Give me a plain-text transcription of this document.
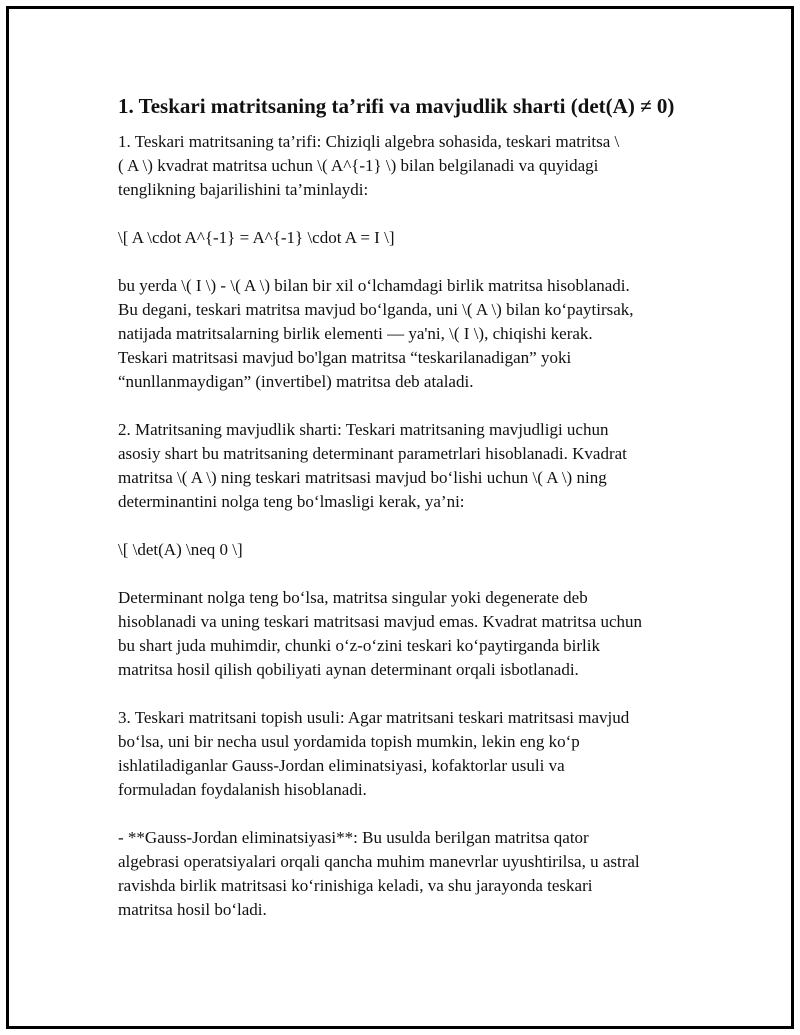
1. Teskari matritsaning ta’rifi va mavjudlik sharti (det(A) ≠ 0)
1. Teskari matritsaning ta’rifi: Chiziqli algebra sohasida, teskari matritsa \
( A \) kvadrat matritsa uchun \( A^{-1} \) bilan belgilanadi va quyidagi
tenglikning bajarilishini ta’minlaydi:
\[ A \cdot A^{-1} = A^{-1} \cdot A = I \]
bu yerda \( I \) - \( A \) bilan bir xil o‘lchamdagi birlik matritsa hisoblanadi.
Bu degani, teskari matritsa mavjud bo‘lganda, uni \( A \) bilan ko‘paytirsak,
natijada matritsalarning birlik elementi — ya'ni, \( I \), chiqishi kerak.
Teskari matritsasi mavjud bo'lgan matritsa “teskarilanadigan” yoki
“nunllanmaydigan” (invertibel) matritsa deb ataladi.
2. Matritsaning mavjudlik sharti: Teskari matritsaning mavjudligi uchun
asosiy shart bu matritsaning determinant parametrlari hisoblanadi. Kvadrat
matritsa \( A \) ning teskari matritsasi mavjud bo‘lishi uchun \( A \) ning
determinantini nolga teng bo‘lmasligi kerak, ya’ni:
\[ \det(A) \neq 0 \]
Determinant nolga teng bo‘lsa, matritsa singular yoki degenerate deb
hisoblanadi va uning teskari matritsasi mavjud emas. Kvadrat matritsa uchun
bu shart juda muhimdir, chunki o‘z-o‘zini teskari ko‘paytirganda birlik
matritsa hosil qilish qobiliyati aynan determinant orqali isbotlanadi.
3. Teskari matritsani topish usuli: Agar matritsani teskari matritsasi mavjud
bo‘lsa, uni bir necha usul yordamida topish mumkin, lekin eng ko‘p
ishlatiladiganlar Gauss-Jordan eliminatsiyasi, kofaktorlar usuli va
formuladan foydalanish hisoblanadi.
- **Gauss-Jordan eliminatsiyasi**: Bu usulda berilgan matritsa qator
algebrasi operatsiyalari orqali qancha muhim manevrlar uyushtirilsa, u astral
ravishda birlik matritsasi ko‘rinishiga keladi, va shu jarayonda teskari
matritsa hosil bo‘ladi.
